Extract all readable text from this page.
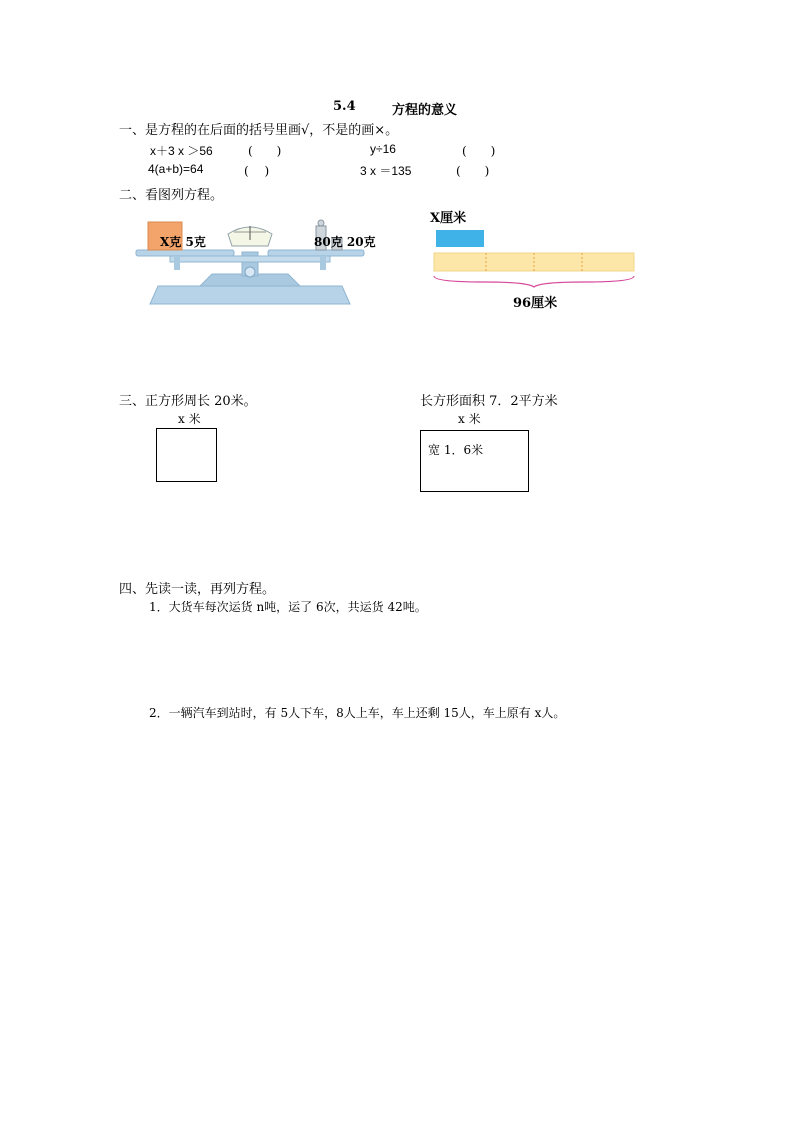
5.4	方程的意义
一、是方程的在后面的括号里画√，不是的画×。
x＋3 x ＞56	(　　)	y÷16	(　　)
4(a+b)=64	(　 )	3 x ＝135	(　　)
二、看图列方程。
X克 5克	80克 20克
X厘米
96厘米
三、正方形周长 20米。
x 米
长方形面积 7．2平方米
x 米
宽 1．6米
四、先读一读，再列方程。
1．大货车每次运货 n吨，运了 6次，共运货 42吨。
2．一辆汽车到站时，有 5人下车，8人上车，车上还剩 15人，车上原有 x人。
